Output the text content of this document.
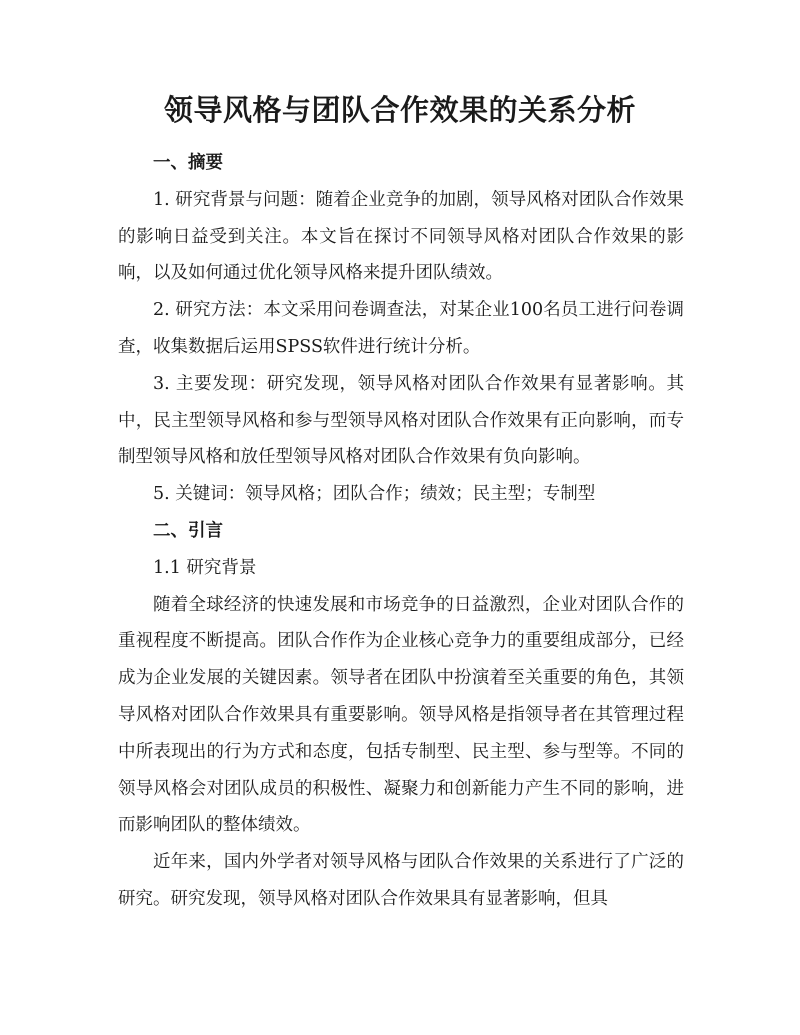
领导风格与团队合作效果的关系分析

一、摘要

1. 研究背景与问题：随着企业竞争的加剧，领导风格对团队合作效果的影响日益受到关注。本文旨在探讨不同领导风格对团队合作效果的影响，以及如何通过优化领导风格来提升团队绩效。

2. 研究方法：本文采用问卷调查法，对某企业100名员工进行问卷调查，收集数据后运用SPSS软件进行统计分析。

3. 主要发现：研究发现，领导风格对团队合作效果有显著影响。其中，民主型领导风格和参与型领导风格对团队合作效果有正向影响，而专制型领导风格和放任型领导风格对团队合作效果有负向影响。

5. 关键词：领导风格；团队合作；绩效；民主型；专制型

二、引言

1.1 研究背景

随着全球经济的快速发展和市场竞争的日益激烈，企业对团队合作的重视程度不断提高。团队合作作为企业核心竞争力的重要组成部分，已经成为企业发展的关键因素。领导者在团队中扮演着至关重要的角色，其领导风格对团队合作效果具有重要影响。领导风格是指领导者在其管理过程中所表现出的行为方式和态度，包括专制型、民主型、参与型等。不同的领导风格会对团队成员的积极性、凝聚力和创新能力产生不同的影响，进而影响团队的整体绩效。

近年来，国内外学者对领导风格与团队合作效果的关系进行了广泛的研究。研究发现，领导风格对团队合作效果具有显著影响，但具
